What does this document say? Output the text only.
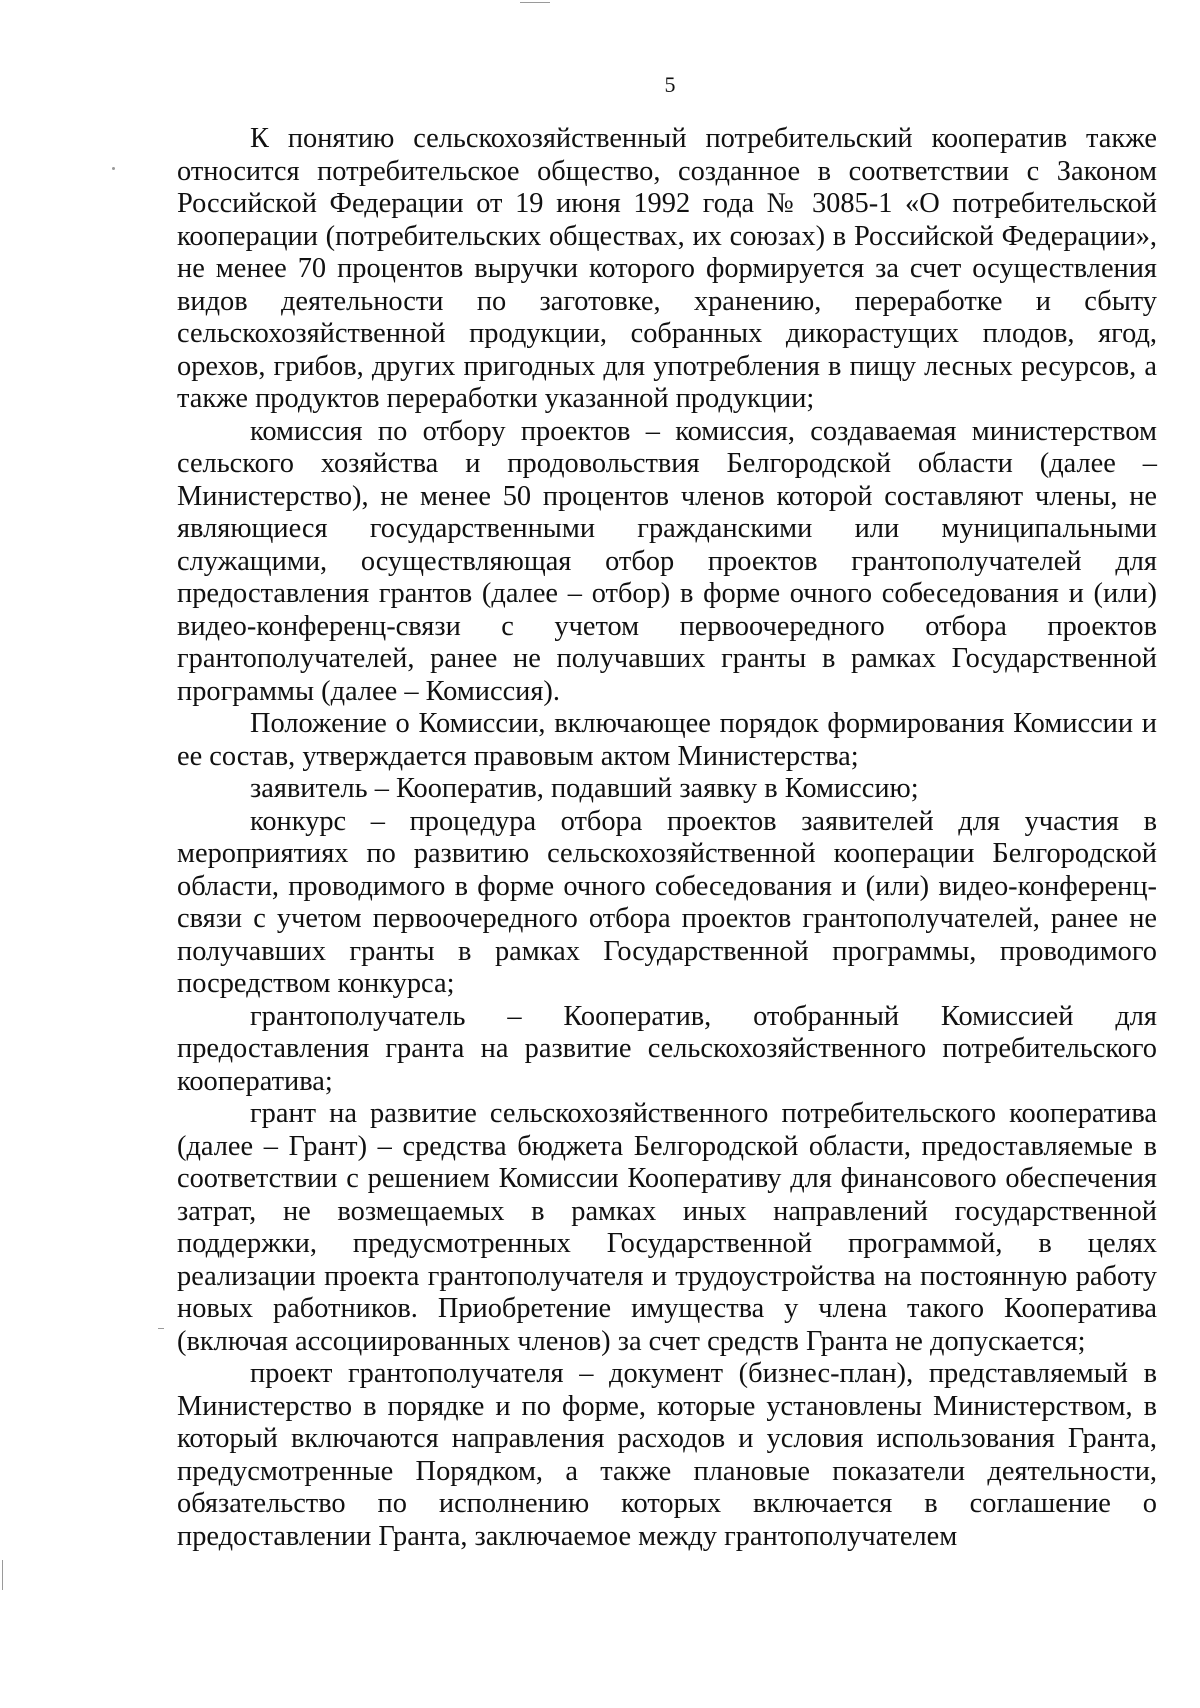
5

К понятию сельскохозяйственный потребительский кооператив также относится потребительское общество, созданное в соответствии с Законом Российской Федерации от 19 июня 1992 года № 3085-1 «О потребительской кооперации (потребительских обществах, их союзах) в Российской Федерации», не менее 70 процентов выручки которого формируется за счет осуществления видов деятельности по заготовке, хранению, переработке и сбыту сельскохозяйственной продукции, собранных дикорастущих плодов, ягод, орехов, грибов, других пригодных для употребления в пищу лесных ресурсов, а также продуктов переработки указанной продукции;

комиссия по отбору проектов – комиссия, создаваемая министерством сельского хозяйства и продовольствия Белгородской области (далее – Министерство), не менее 50 процентов членов которой составляют члены, не являющиеся государственными гражданскими или муниципальными служащими, осуществляющая отбор проектов грантополучателей для предоставления грантов (далее – отбор) в форме очного собеседования и (или) видео-конференц-связи с учетом первоочередного отбора проектов грантополучателей, ранее не получавших гранты в рамках Государственной программы (далее – Комиссия).

Положение о Комиссии, включающее порядок формирования Комиссии и ее состав, утверждается правовым актом Министерства;

заявитель – Кооператив, подавший заявку в Комиссию;

конкурс – процедура отбора проектов заявителей для участия в мероприятиях по развитию сельскохозяйственной кооперации Белгородской области, проводимого в форме очного собеседования и (или) видео-конференц-связи с учетом первоочередного отбора проектов грантополучателей, ранее не получавших гранты в рамках Государственной программы, проводимого посредством конкурса;

грантополучатель – Кооператив, отобранный Комиссией для предоставления гранта на развитие сельскохозяйственного потребительского кооператива;

грант на развитие сельскохозяйственного потребительского кооператива (далее – Грант) – средства бюджета Белгородской области, предоставляемые в соответствии с решением Комиссии Кооперативу для финансового обеспечения затрат, не возмещаемых в рамках иных направлений государственной поддержки, предусмотренных Государственной программой, в целях реализации проекта грантополучателя и трудоустройства на постоянную работу новых работников. Приобретение имущества у члена такого Кооператива (включая ассоциированных членов) за счет средств Гранта не допускается;

проект грантополучателя – документ (бизнес-план), представляемый в Министерство в порядке и по форме, которые установлены Министерством, в который включаются направления расходов и условия использования Гранта, предусмотренные Порядком, а также плановые показатели деятельности, обязательство по исполнению которых включается в соглашение о предоставлении Гранта, заключаемое между грантополучателем
